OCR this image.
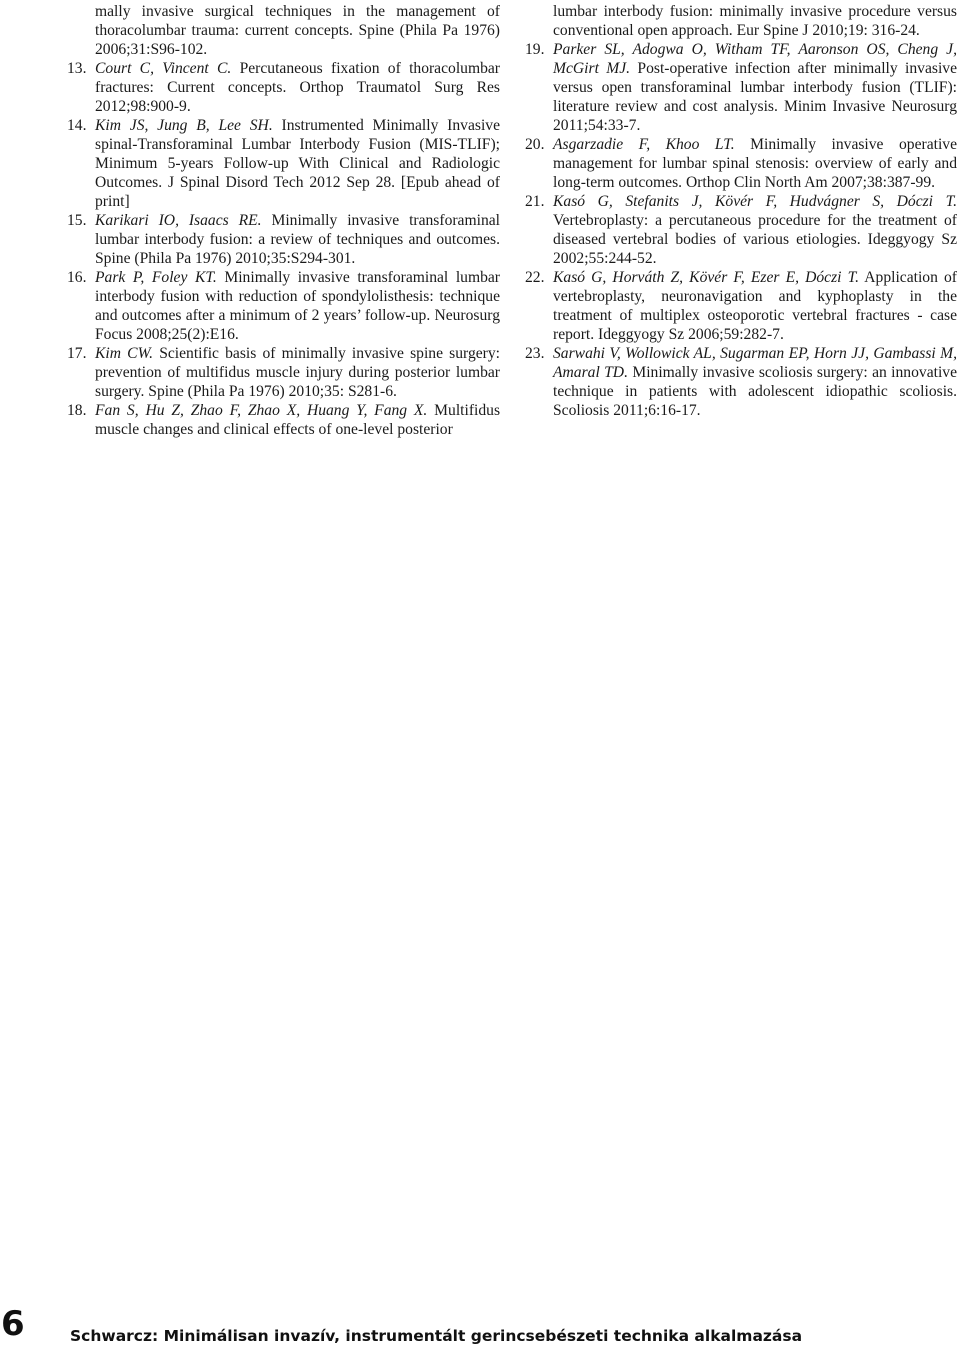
mally invasive surgical techniques in the management of thoracolumbar trauma: current concepts. Spine (Phila Pa 1976) 2006;31:S96-102.

13. Court C, Vincent C. Percutaneous fixation of thoracolumbar fractures: Current concepts. Orthop Traumatol Surg Res 2012;98:900-9.

14. Kim JS, Jung B, Lee SH. Instrumented Minimally Invasive spinal-Transforaminal Lumbar Interbody Fusion (MIS-TLIF); Minimum 5-years Follow-up With Clinical and Radiologic Outcomes. J Spinal Disord Tech 2012 Sep 28. [Epub ahead of print]

15. Karikari IO, Isaacs RE. Minimally invasive transforaminal lumbar interbody fusion: a review of techniques and outcomes. Spine (Phila Pa 1976) 2010;35:S294-301.

16. Park P, Foley KT. Minimally invasive transforaminal lumbar interbody fusion with reduction of spondylolisthesis: technique and outcomes after a minimum of 2 years’ follow-up. Neurosurg Focus 2008;25(2):E16.

17. Kim CW. Scientific basis of minimally invasive spine surgery: prevention of multifidus muscle injury during posterior lumbar surgery. Spine (Phila Pa 1976) 2010;35: S281-6.

18. Fan S, Hu Z, Zhao F, Zhao X, Huang Y, Fang X. Multifidus muscle changes and clinical effects of one-level posterior

lumbar interbody fusion: minimally invasive procedure versus conventional open approach. Eur Spine J 2010;19: 316-24.

19. Parker SL, Adogwa O, Witham TF, Aaronson OS, Cheng J, McGirt MJ. Post-operative infection after minimally invasive versus open transforaminal lumbar interbody fusion (TLIF): literature review and cost analysis. Minim Invasive Neurosurg 2011;54:33-7.

20. Asgarzadie F, Khoo LT. Minimally invasive operative management for lumbar spinal stenosis: overview of early and long-term outcomes. Orthop Clin North Am 2007;38:387-99.

21. Kasó G, Stefanits J, Kövér F, Hudvágner S, Dóczi T. Vertebroplasty: a percutaneous procedure for the treatment of diseased vertebral bodies of various etiologies. Ideggyogy Sz 2002;55:244-52.

22. Kasó G, Horváth Z, Kövér F, Ezer E, Dóczi T. Application of vertebroplasty, neuronavigation and kyphoplasty in the treatment of multiplex osteoporotic vertebral fractures - case report. Ideggyogy Sz 2006;59:282-7.

23. Sarwahi V, Wollowick AL, Sugarman EP, Horn JJ, Gambassi M, Amaral TD. Minimally invasive scoliosis surgery: an innovative technique in patients with adolescent idiopathic scoliosis. Scoliosis 2011;6:16-17.

6	Schwarcz: Minimálisan invazív, instrumentált gerincsebészeti technika alkalmazása
